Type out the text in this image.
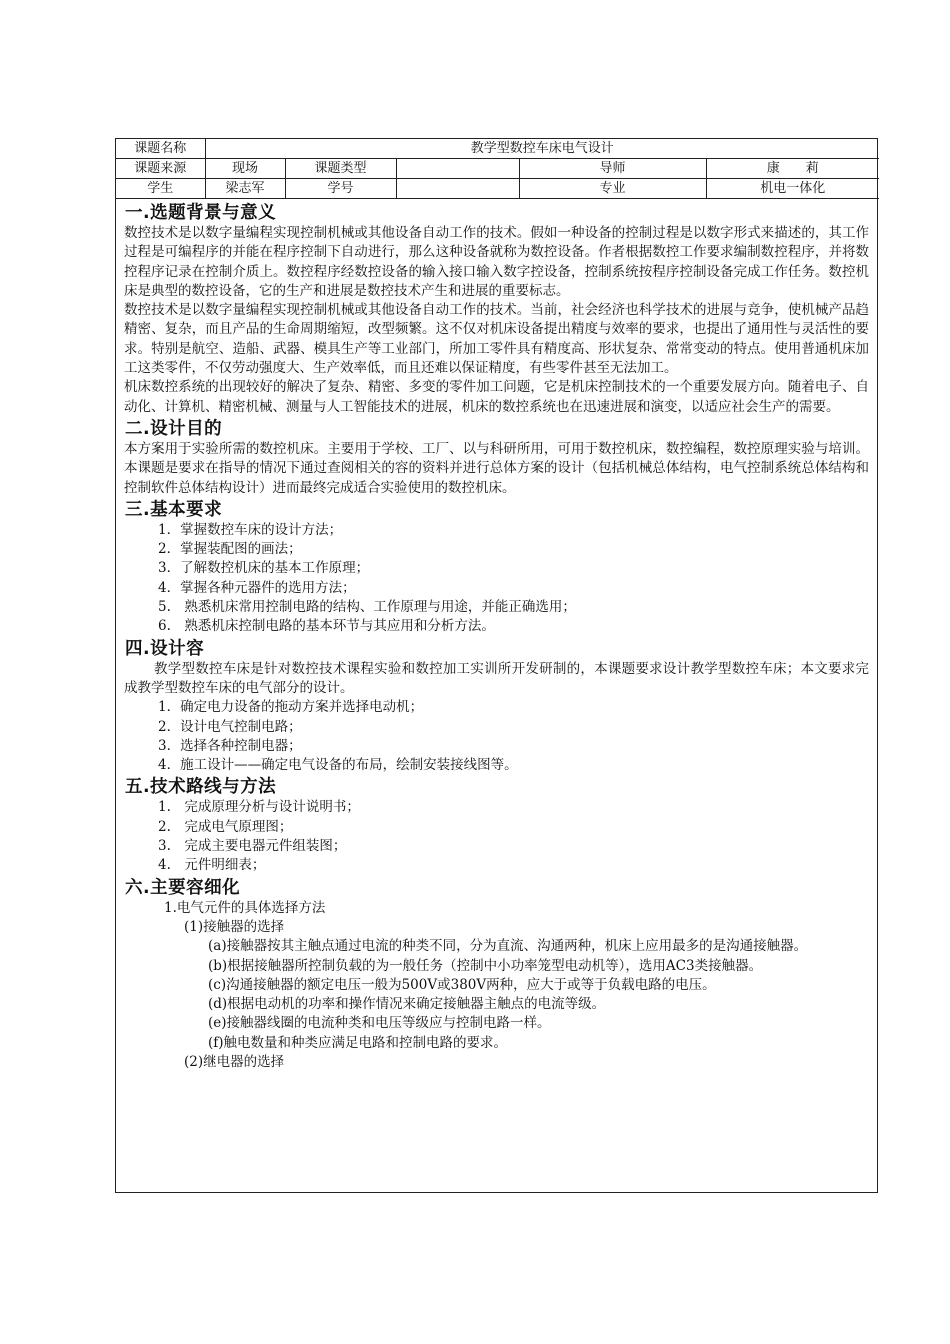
课题名称	教学型数控车床电气设计				
课题来源	现场	课题类型		导师	康　　莉
学生	梁志军	学号		专业	机电一体化
一.选题背景与意义

数控技术是以数字量编程实现控制机械或其他设备自动工作的技术。假如一种设备的控制过程是以数字形式来描述的，其工作过程是可编程序的并能在程序控制下自动进行，那么这种设备就称为数控设备。作者根据数控工作要求编制数控程序，并将数控程序记录在控制介质上。数控程序经数控设备的输入接口输入数字控设备，控制系统按程序控制设备完成工作任务。数控机床是典型的数控设备，它的生产和进展是数控技术产生和进展的重要标志。

数控技术是以数字量编程实现控制机械或其他设备自动工作的技术。当前，社会经济也科学技术的进展与竞争，使机械产品趋精密、复杂，而且产品的生命周期缩短，改型频繁。这不仅对机床设备提出精度与效率的要求，也提出了通用性与灵活性的要求。特别是航空、造船、武器、模具生产等工业部门，所加工零件具有精度高、形状复杂、常常变动的特点。使用普通机床加工这类零件，不仅劳动强度大、生产效率低，而且还难以保证精度，有些零件甚至无法加工。

机床数控系统的出现较好的解决了复杂、精密、多变的零件加工问题，它是机床控制技术的一个重要发展方向。随着电子、自动化、计算机、精密机械、测量与人工智能技术的进展，机床的数控系统也在迅速进展和演变，以适应社会生产的需要。

二.设计目的

本方案用于实验所需的数控机床。主要用于学校、工厂、以与科研所用，可用于数控机床，数控编程，数控原理实验与培训。本课题是要求在指导的情况下通过查阅相关的容的资料并进行总体方案的设计（包括机械总体结构，电气控制系统总体结构和控制软件总体结构设计）进而最终完成适合实验使用的数控机床。

三.基本要求

1．掌握数控车床的设计方法；

2．掌握装配图的画法；

3．了解数控机床的基本工作原理；

4．掌握各种元器件的选用方法；

5.　熟悉机床常用控制电路的结构、工作原理与用途，并能正确选用；

6.　熟悉机床控制电路的基本环节与其应用和分析方法。

四.设计容

教学型数控车床是针对数控技术课程实验和数控加工实训所开发研制的，本课题要求设计教学型数控车床；本文要求完成教学型数控车床的电气部分的设计。

1．确定电力设备的拖动方案并选择电动机；

2．设计电气控制电路；

3．选择各种控制电器；

4．施工设计——确定电气设备的布局，绘制安装接线图等。

五.技术路线与方法

1.　完成原理分析与设计说明书；

2.　完成电气原理图；

3.　完成主要电器元件组装图；

4.　元件明细表；

六.主要容细化

1.电气元件的具体选择方法

(1)接触器的选择

(a)接触器按其主触点通过电流的种类不同，分为直流、沟通两种，机床上应用最多的是沟通接触器。

(b)根据接触器所控制负载的为一般任务（控制中小功率笼型电动机等），选用AC3类接触器。

(c)沟通接触器的额定电压一般为500V或380V两种，应大于或等于负载电路的电压。

(d)根据电动机的功率和操作情况来确定接触器主触点的电流等级。

(e)接触器线圈的电流种类和电压等级应与控制电路一样。

(f)触电数量和种类应满足电路和控制电路的要求。

(2)继电器的选择
